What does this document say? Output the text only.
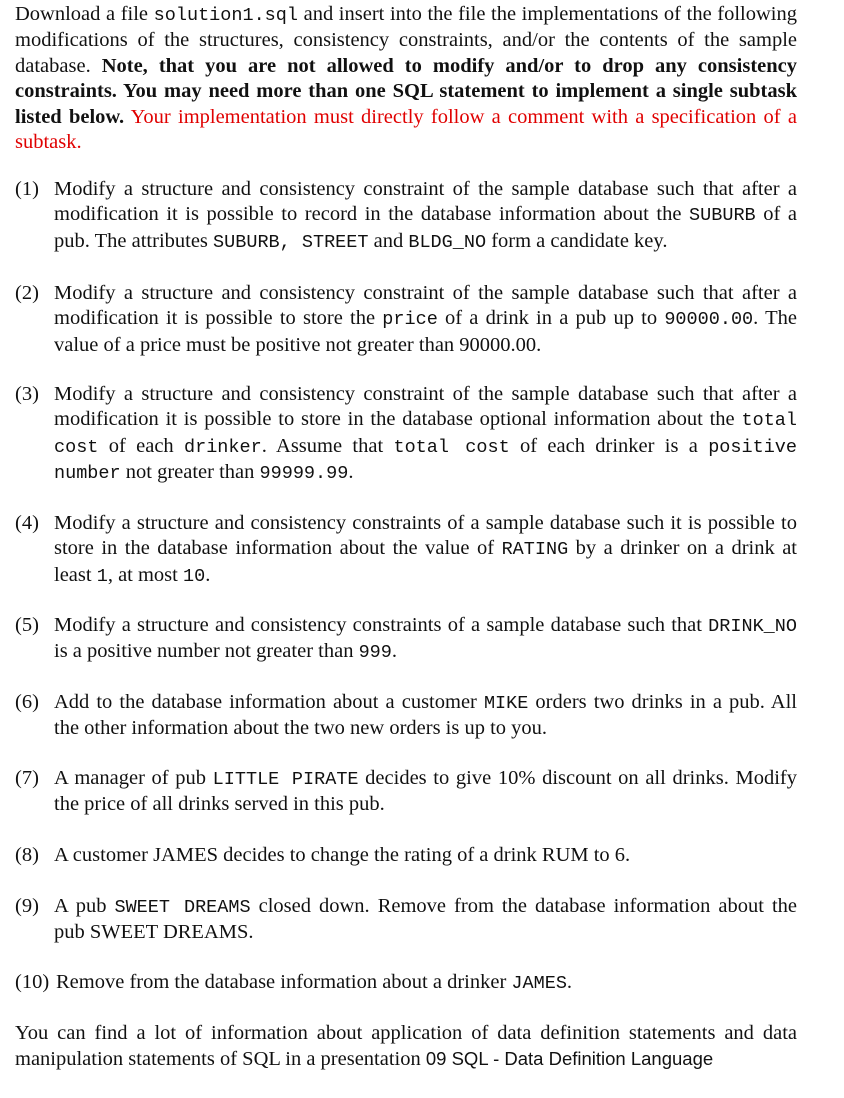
Download a file solution1.sql and insert into the file the implementations of the following modifications of the structures, consistency constraints, and/or the contents of the sample database. Note, that you are not allowed to modify and/or to drop any consistency constraints. You may need more than one SQL statement to implement a single subtask listed below. Your implementation must directly follow a comment with a specification of a subtask.
(1) Modify a structure and consistency constraint of the sample database such that after a modification it is possible to record in the database information about the SUBURB of a pub. The attributes SUBURB, STREET and BLDG_NO form a candidate key.
(2) Modify a structure and consistency constraint of the sample database such that after a modification it is possible to store the price of a drink in a pub up to 90000.00. The value of a price must be positive not greater than 90000.00.
(3) Modify a structure and consistency constraint of the sample database such that after a modification it is possible to store in the database optional information about the total cost of each drinker. Assume that total cost of each drinker is a positive number not greater than 99999.99.
(4) Modify a structure and consistency constraints of a sample database such it is possible to store in the database information about the value of RATING by a drinker on a drink at least 1, at most 10.
(5) Modify a structure and consistency constraints of a sample database such that DRINK_NO is a positive number not greater than 999.
(6) Add to the database information about a customer MIKE orders two drinks in a pub. All the other information about the two new orders is up to you.
(7) A manager of pub LITTLE PIRATE decides to give 10% discount on all drinks. Modify the price of all drinks served in this pub.
(8) A customer JAMES decides to change the rating of a drink RUM to 6.
(9) A pub SWEET DREAMS closed down. Remove from the database information about the pub SWEET DREAMS.
(10) Remove from the database information about a drinker JAMES.
You can find a lot of information about application of data definition statements and data manipulation statements of SQL in a presentation 09 SQL - Data Definition Language
